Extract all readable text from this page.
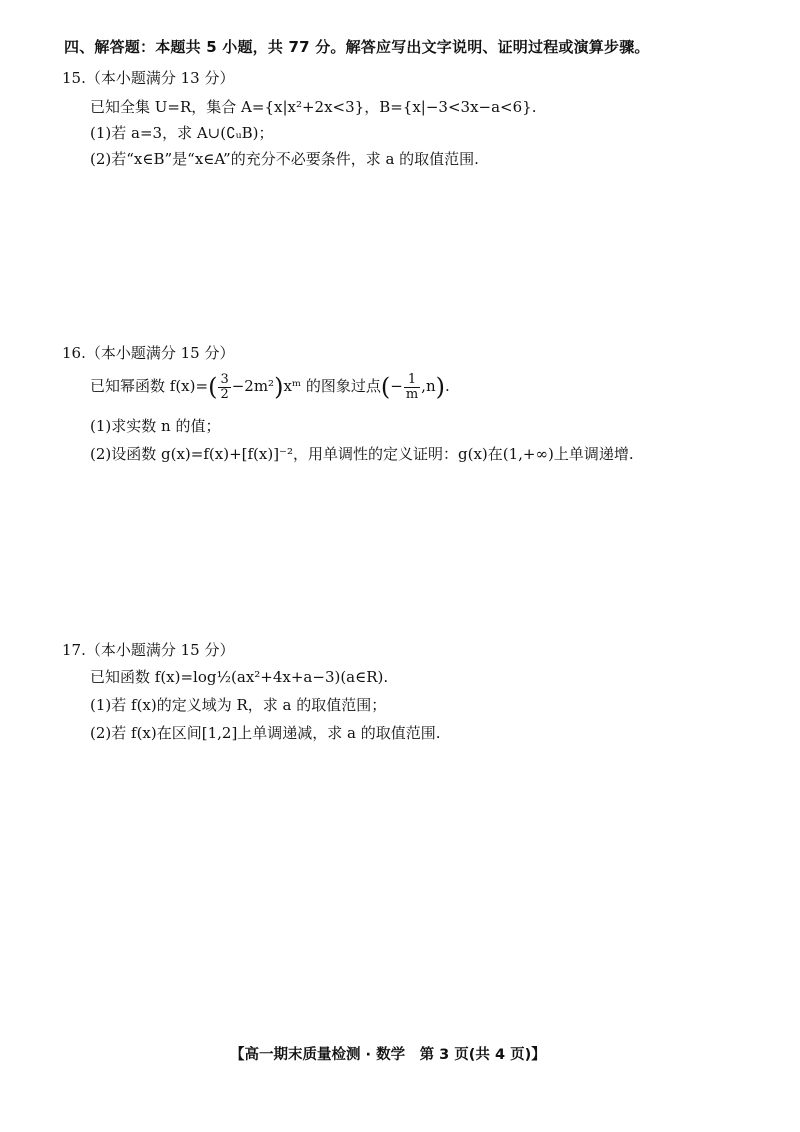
四、解答题：本题共 5 小题，共 77 分。解答应写出文字说明、证明过程或演算步骤。
15.（本小题满分 13 分）
已知全集 U=R，集合 A={x|x²+2x<3}，B={x|−3<3x−a<6}.
(1)若 a=3，求 A∪(∁ᵤB)；
(2)若“x∈B”是“x∈A”的充分不必要条件，求 a 的取值范围.
16.（本小题满分 15 分）
已知幂函数 $f(x)=( \frac{3}{2}$ −2m²)xᵐ 的图象过点(− $\frac{1}{m} ,n$).
(1)求实数 n 的值；
(2)设函数 g(x)=f(x)+[f(x)]⁻²，用单调性的定义证明：g(x)在(1,+∞)上单调递增.
17.（本小题满分 15 分）
已知函数 f(x)=log½(ax²+4x+a−3)(a∈R).
(1)若 f(x)的定义域为 R，求 a 的取值范围；
(2)若 f(x)在区间[1,2]上单调递减，求 a 的取值范围.
【高一期末质量检测 · 数学　第 3 页(共 4 页)】
